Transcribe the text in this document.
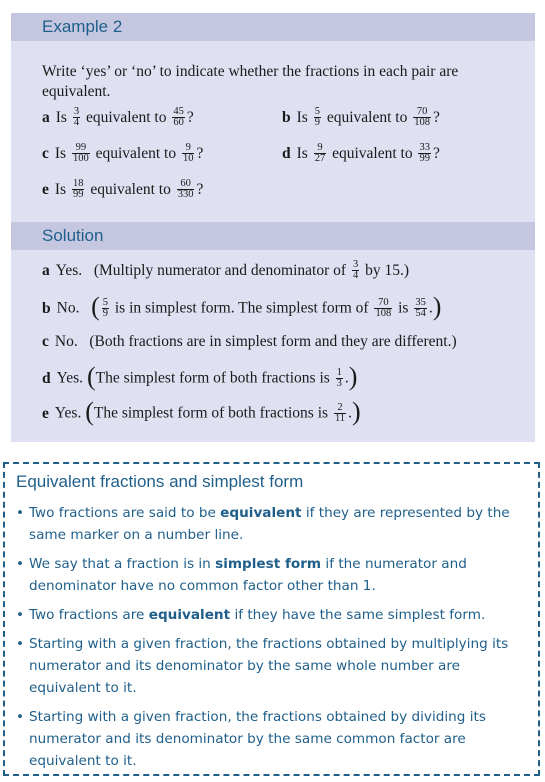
Example 2
Write ‘yes’ or ‘no’ to indicate whether the fractions in each pair are equivalent.
a Is $\frac{3}{4}$ equivalent to $\frac{45}{60}$ ?	b Is $\frac{5}{9}$ equivalent to $\frac{70}{108}$ ?
c Is $\frac{99}{100}$ equivalent to $\frac{9}{10}$ ?	d Is $\frac{9}{27}$ equivalent to $\frac{33}{99}$ ?
e Is $\frac{18}{99}$ equivalent to $\frac{60}{330}$ ?
Solution
a Yes. (Multiply numerator and denominator of $\frac{3}{4}$ by 15.)
b No. ( $\frac{5}{9}$ is in simplest form. The simplest form of $\frac{70}{108}$ is $\frac{35}{54}$ .)
c No. (Both fractions are in simplest form and they are different.)
d Yes. (The simplest form of both fractions is $\frac{1}{3}$ .)
e Yes. (The simplest form of both fractions is $\frac{2}{11}$ .)
Equivalent fractions and simplest form
• Two fractions are said to be equivalent if they are represented by the same marker on a number line.
• We say that a fraction is in simplest form if the numerator and denominator have no common factor other than 1.
• Two fractions are equivalent if they have the same simplest form.
• Starting with a given fraction, the fractions obtained by multiplying its numerator and its denominator by the same whole number are equivalent to it.
• Starting with a given fraction, the fractions obtained by dividing its numerator and its denominator by the same common factor are equivalent to it.
